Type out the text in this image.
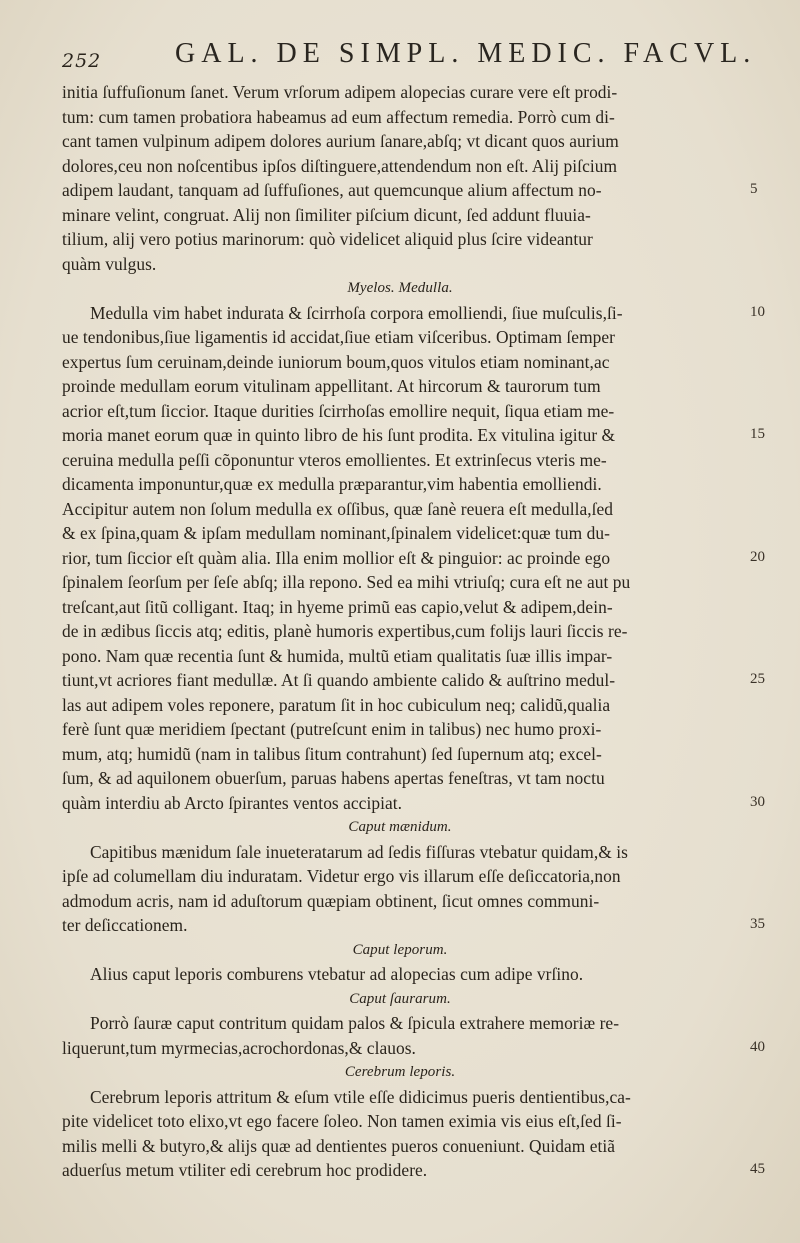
252	GAL. DE SIMPL. MEDIC. FACVL.
initia ſuffuſionum ſanet. Verum vrſorum adipem alopecias curare vere eſt prodi-
tum: cum tamen probatiora habeamus ad eum affectum remedia. Porrò cum di-
cant tamen vulpinum adipem dolores aurium ſanare,abſq; vt dicant quos aurium
dolores,ceu non noſcentibus ipſos diſtinguere,attendendum non eſt. Alij piſcium
adipem laudant, tanquam ad ſuffuſiones, aut quemcunque alium affectum no-
minare velint, congruat. Alij non ſimiliter piſcium dicunt, ſed addunt fluuia-
tilium, alij vero potius marinorum: quò videlicet aliquid plus ſcire videantur
quàm vulgus.
Myelos. Medulla.
Medulla vim habet indurata & ſcirrhoſa corpora emolliendi, ſiue muſculis,ſi-
ue tendonibus,ſiue ligamentis id accidat,ſiue etiam viſceribus. Optimam ſemper
expertus ſum ceruinam,deinde iuniorum boum,quos vitulos etiam nominant,ac
proinde medullam eorum vitulinam appellitant. At hircorum & taurorum tum
acrior eſt,tum ſiccior. Itaque durities ſcirrhoſas emollire nequit, ſiqua etiam me-
moria manet eorum quæ in quinto libro de his ſunt prodita. Ex vitulina igitur &
ceruina medulla peſſi cõponuntur vteros emollientes. Et extrinſecus vteris me-
dicamenta imponuntur,quæ ex medulla præparantur,vim habentia emolliendi.
Accipitur autem non ſolum medulla ex oſſibus, quæ ſanè reuera eſt medulla,ſed
& ex ſpina,quam & ipſam medullam nominant,ſpinalem videlicet:quæ tum du-
rior, tum ſiccior eſt quàm alia. Illa enim mollior eſt & pinguior: ac proinde ego
ſpinalem ſeorſum per ſeſe abſq; illa repono. Sed ea mihi vtriuſq; cura eſt ne aut pu
treſcant,aut ſitũ colligant. Itaq; in hyeme primũ eas capio,velut & adipem,dein-
de in ædibus ſiccis atq; editis, planè humoris expertibus,cum folijs lauri ſiccis re-
pono. Nam quæ recentia ſunt & humida, multũ etiam qualitatis ſuæ illis impar-
tiunt,vt acriores fiant medullæ. At ſi quando ambiente calido & auſtrino medul-
las aut adipem voles reponere, paratum ſit in hoc cubiculum neq; calidũ,qualia
ferè ſunt quæ meridiem ſpectant (putreſcunt enim in talibus) nec humo proxi-
mum, atq; humidũ (nam in talibus ſitum contrahunt) ſed ſupernum atq; excel-
ſum, & ad aquilonem obuerſum, paruas habens apertas feneſtras, vt tam noctu
quàm interdiu ab Arcto ſpirantes ventos accipiat.
Caput mænidum.
Capitibus mænidum ſale inueteratarum ad ſedis fiſſuras vtebatur quidam,& is
ipſe ad columellam diu induratam. Videtur ergo vis illarum eſſe deſiccatoria,non
admodum acris, nam id aduſtorum quæpiam obtinent, ſicut omnes communi-
ter deſiccationem.
Caput leporum.
Alius caput leporis comburens vtebatur ad alopecias cum adipe vrſino.
Caput ſaurarum.
Porrò ſauræ caput contritum quidam palos & ſpicula extrahere memoriæ re-
liquerunt,tum myrmecias,acrochordonas,& clauos.
Cerebrum leporis.
Cerebrum leporis attritum & eſum vtile eſſe didicimus pueris dentientibus,ca-
pite videlicet toto elixo,vt ego facere ſoleo. Non tamen eximia vis eius eſt,ſed ſi-
milis melli & butyro,& alijs quæ ad dentientes pueros conueniunt. Quidam etiã
aduerſus metum vtiliter edi cerebrum hoc prodidere.
5
10
15
20
25
30
35
40
45
